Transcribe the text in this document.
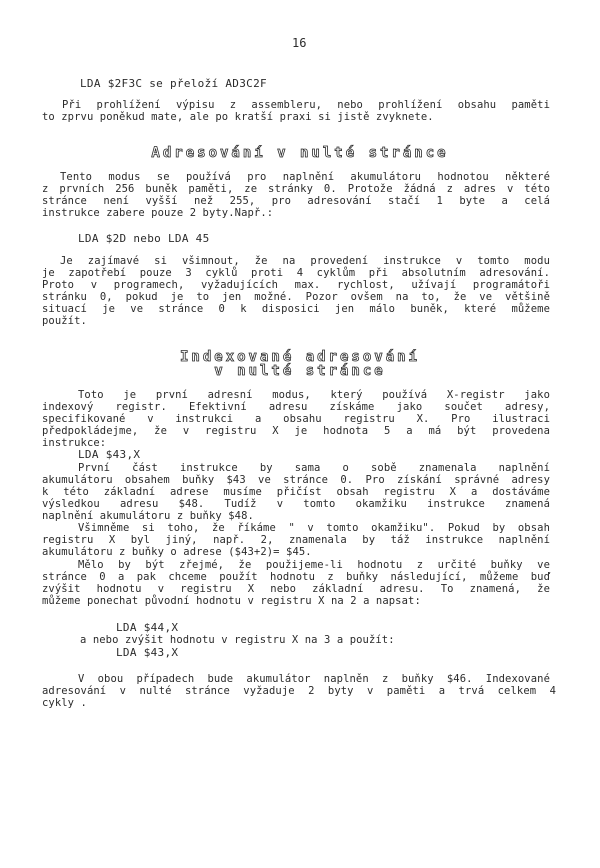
16
LDA $2F3C se přeloží AD3C2F
Při prohlížení výpisu z assembleru, nebo prohlížení obsahu paměti
to zprvu poněkud mate, ale po kratší praxi si jistě zvyknete.
Adresování v nulté stránce
Tento modus se používá pro naplnění akumulátoru hodnotou některé
z prvních 256 buněk paměti, ze stránky 0. Protože žádná z adres v této
stránce není vyšší než 255, pro adresování stačí 1 byte a celá
instrukce zabere pouze 2 byty.Např.:
LDA $2D nebo LDA 45
Je zajímavé si všimnout, že na provedení instrukce v tomto modu
je zapotřebí pouze 3 cyklů proti 4 cyklům při absolutním adresování.
Proto v programech, vyžadujících max. rychlost, užívají programátoři
stránku 0, pokud je to jen možné. Pozor ovšem na to, že ve většině
situací je ve stránce 0 k disposici jen málo buněk, které můžeme
použít.
Indexované adresování
v nulté stránce
Toto je první adresní modus, který používá X-registr jako
indexový registr. Efektivní adresu získáme jako součet adresy,
specifikované v instrukci a obsahu registru X. Pro ilustraci
předpokládejme, že v registru X je hodnota 5 a má být provedena
instrukce:
LDA $43,X
První část instrukce by sama o sobě znamenala naplnění
akumulátoru obsahem buňky $43 ve stránce 0. Pro získání správné adresy
k této základní adrese musíme přičíst obsah registru X a dostáváme
výsledkou adresu $48. Tudíž v tomto okamžiku instrukce znamená
naplnění akumulátoru z buňky $48.
Všimněme si toho, že říkáme " v tomto okamžiku". Pokud by obsah
registru X byl jiný, např. 2, znamenala by táž instrukce naplnění
akumulátoru z buňky o adrese ($43+2)= $45.
Mělo by být zřejmé, že použijeme-li hodnotu z určité buňky ve
stránce 0 a pak chceme použít hodnotu z buňky následující, můžeme buď
zvýšit hodnotu v registru X nebo základní adresu. To znamená, že
můžeme ponechat původní hodnotu v registru X na 2 a napsat:
LDA $44,X
a nebo zvýšit hodnotu v registru X na 3 a použít:
LDA $43,X
V obou případech bude akumulátor naplněn z buňky $46. Indexované
adresování v nulté stránce vyžaduje 2 byty v paměti a trvá celkem 4
cykly .
